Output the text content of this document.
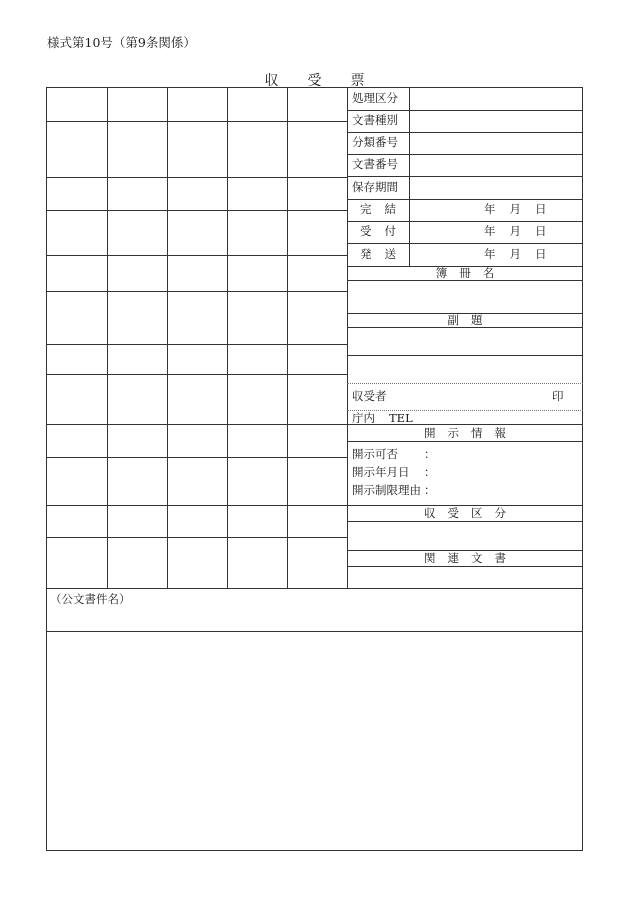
様式第10号（第9条関係）
収 受 票
処理区分
文書種別
分類番号
文書番号
保存期間
完 結
受 付
発 送
年 月 日
年 月 日
年 月 日
簿 冊 名
副 題
収受者	印
庁内 TEL
開 示 情 報
開示可否 ：
開示年月日 ：
開示制限理由 ：
収 受 区 分
関 連 文 書
（公文書件名）
